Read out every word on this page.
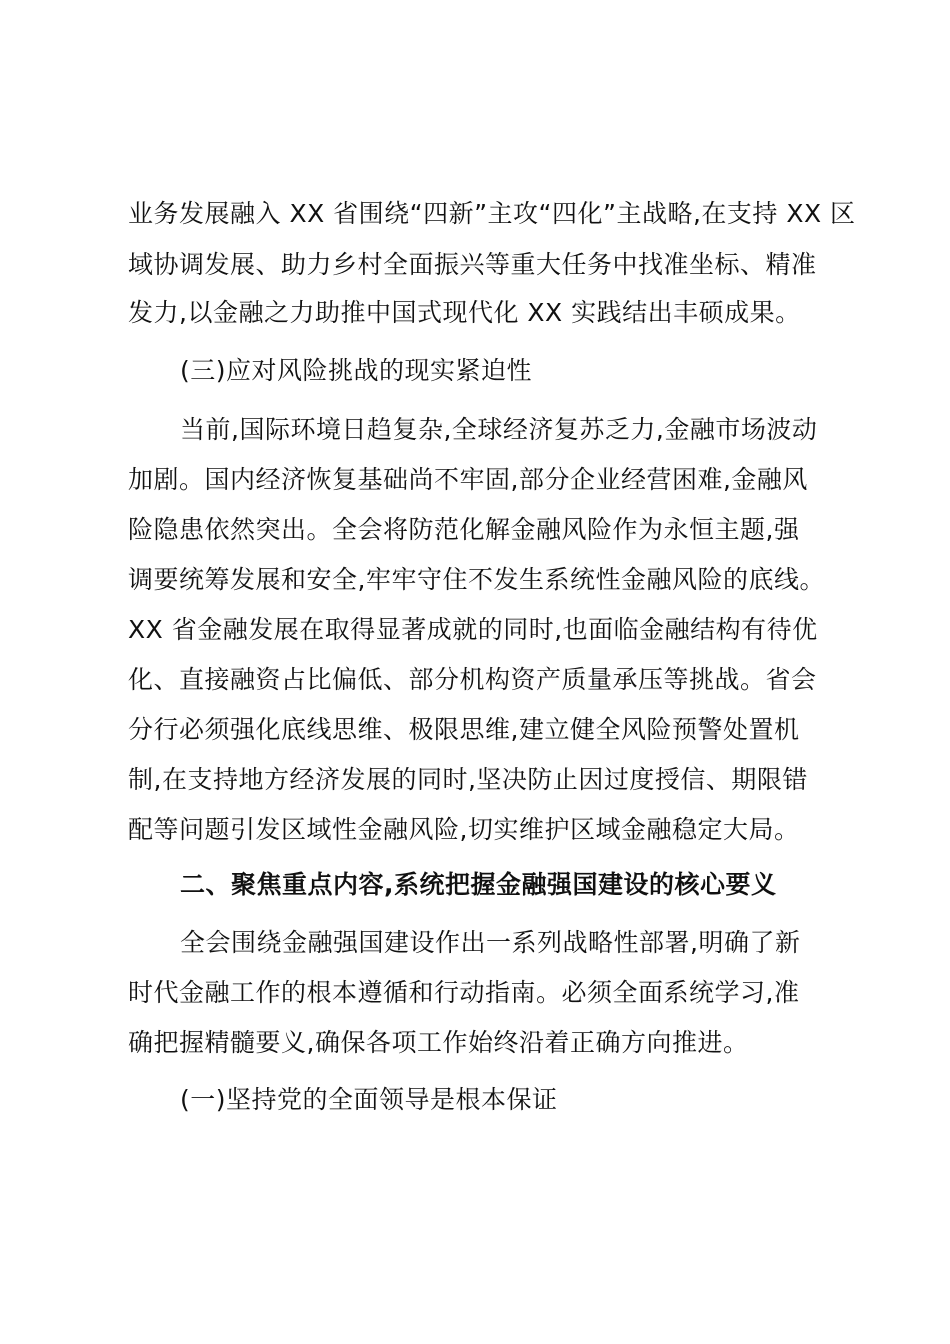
业务发展融入 XX 省围绕“四新”主攻“四化”主战略,在支持 XX 区
域协调发展、助力乡村全面振兴等重大任务中找准坐标、精准
发力,以金融之力助推中国式现代化 XX 实践结出丰硕成果。
(三)应对风险挑战的现实紧迫性
当前,国际环境日趋复杂,全球经济复苏乏力,金融市场波动
加剧。国内经济恢复基础尚不牢固,部分企业经营困难,金融风
险隐患依然突出。全会将防范化解金融风险作为永恒主题,强
调要统筹发展和安全,牢牢守住不发生系统性金融风险的底线。
XX 省金融发展在取得显著成就的同时,也面临金融结构有待优
化、直接融资占比偏低、部分机构资产质量承压等挑战。省会
分行必须强化底线思维、极限思维,建立健全风险预警处置机
制,在支持地方经济发展的同时,坚决防止因过度授信、期限错
配等问题引发区域性金融风险,切实维护区域金融稳定大局。
二、聚焦重点内容,系统把握金融强国建设的核心要义
全会围绕金融强国建设作出一系列战略性部署,明确了新
时代金融工作的根本遵循和行动指南。必须全面系统学习,准
确把握精髓要义,确保各项工作始终沿着正确方向推进。
(一)坚持党的全面领导是根本保证
